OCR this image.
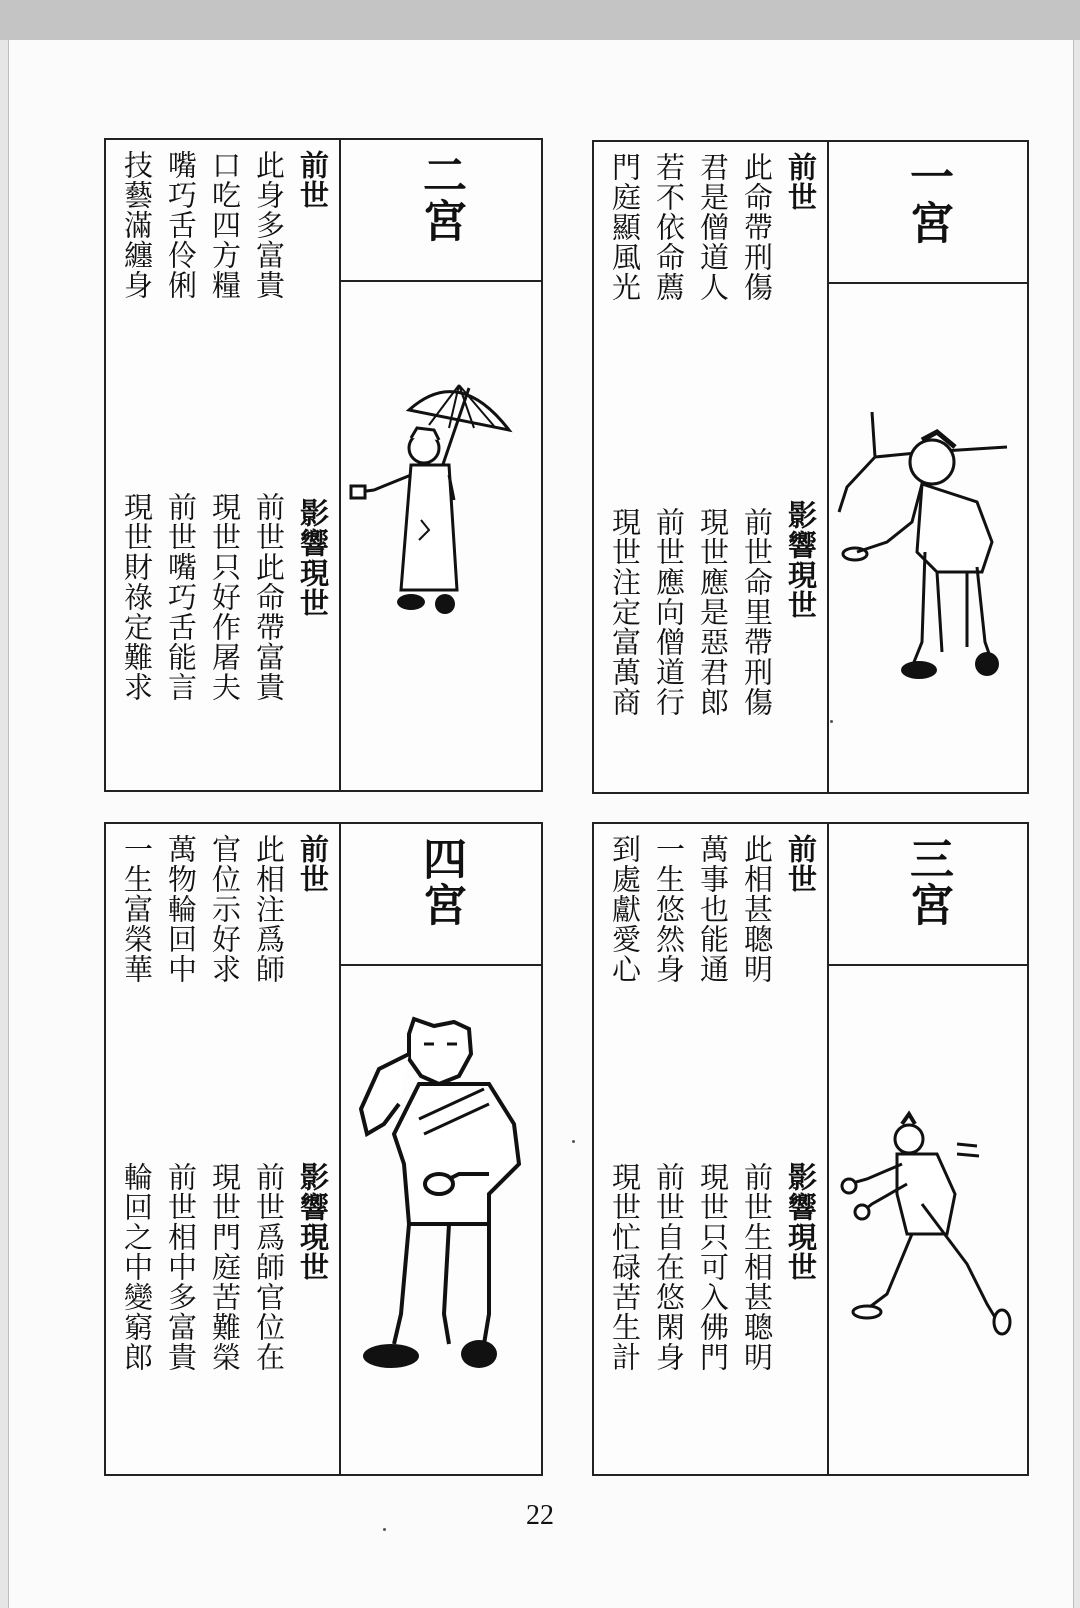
前世
此命帶刑傷
君是僧道人
若不依命薦
門庭顯風光
影響現世
前世命里帶刑傷
現世應是惡君郎
前世應向僧道行
現世注定富萬商
一宮
前世
此身多富貴
口吃四方糧
嘴巧舌伶俐
技藝滿纏身
影響現世
前世此命帶富貴
現世只好作屠夫
前世嘴巧舌能言
現世財祿定難求
二宮
前世
此相甚聰明
萬事也能通
一生悠然身
到處獻愛心
影響現世
前世生相甚聰明
現世只可入佛門
前世自在悠閑身
現世忙碌苦生計
三宮
前世
此相注爲師
官位示好求
萬物輪回中
一生富榮華
影響現世
前世爲師官位在
現世門庭苦難榮
前世相中多富貴
輪回之中變窮郎
四宮
22
